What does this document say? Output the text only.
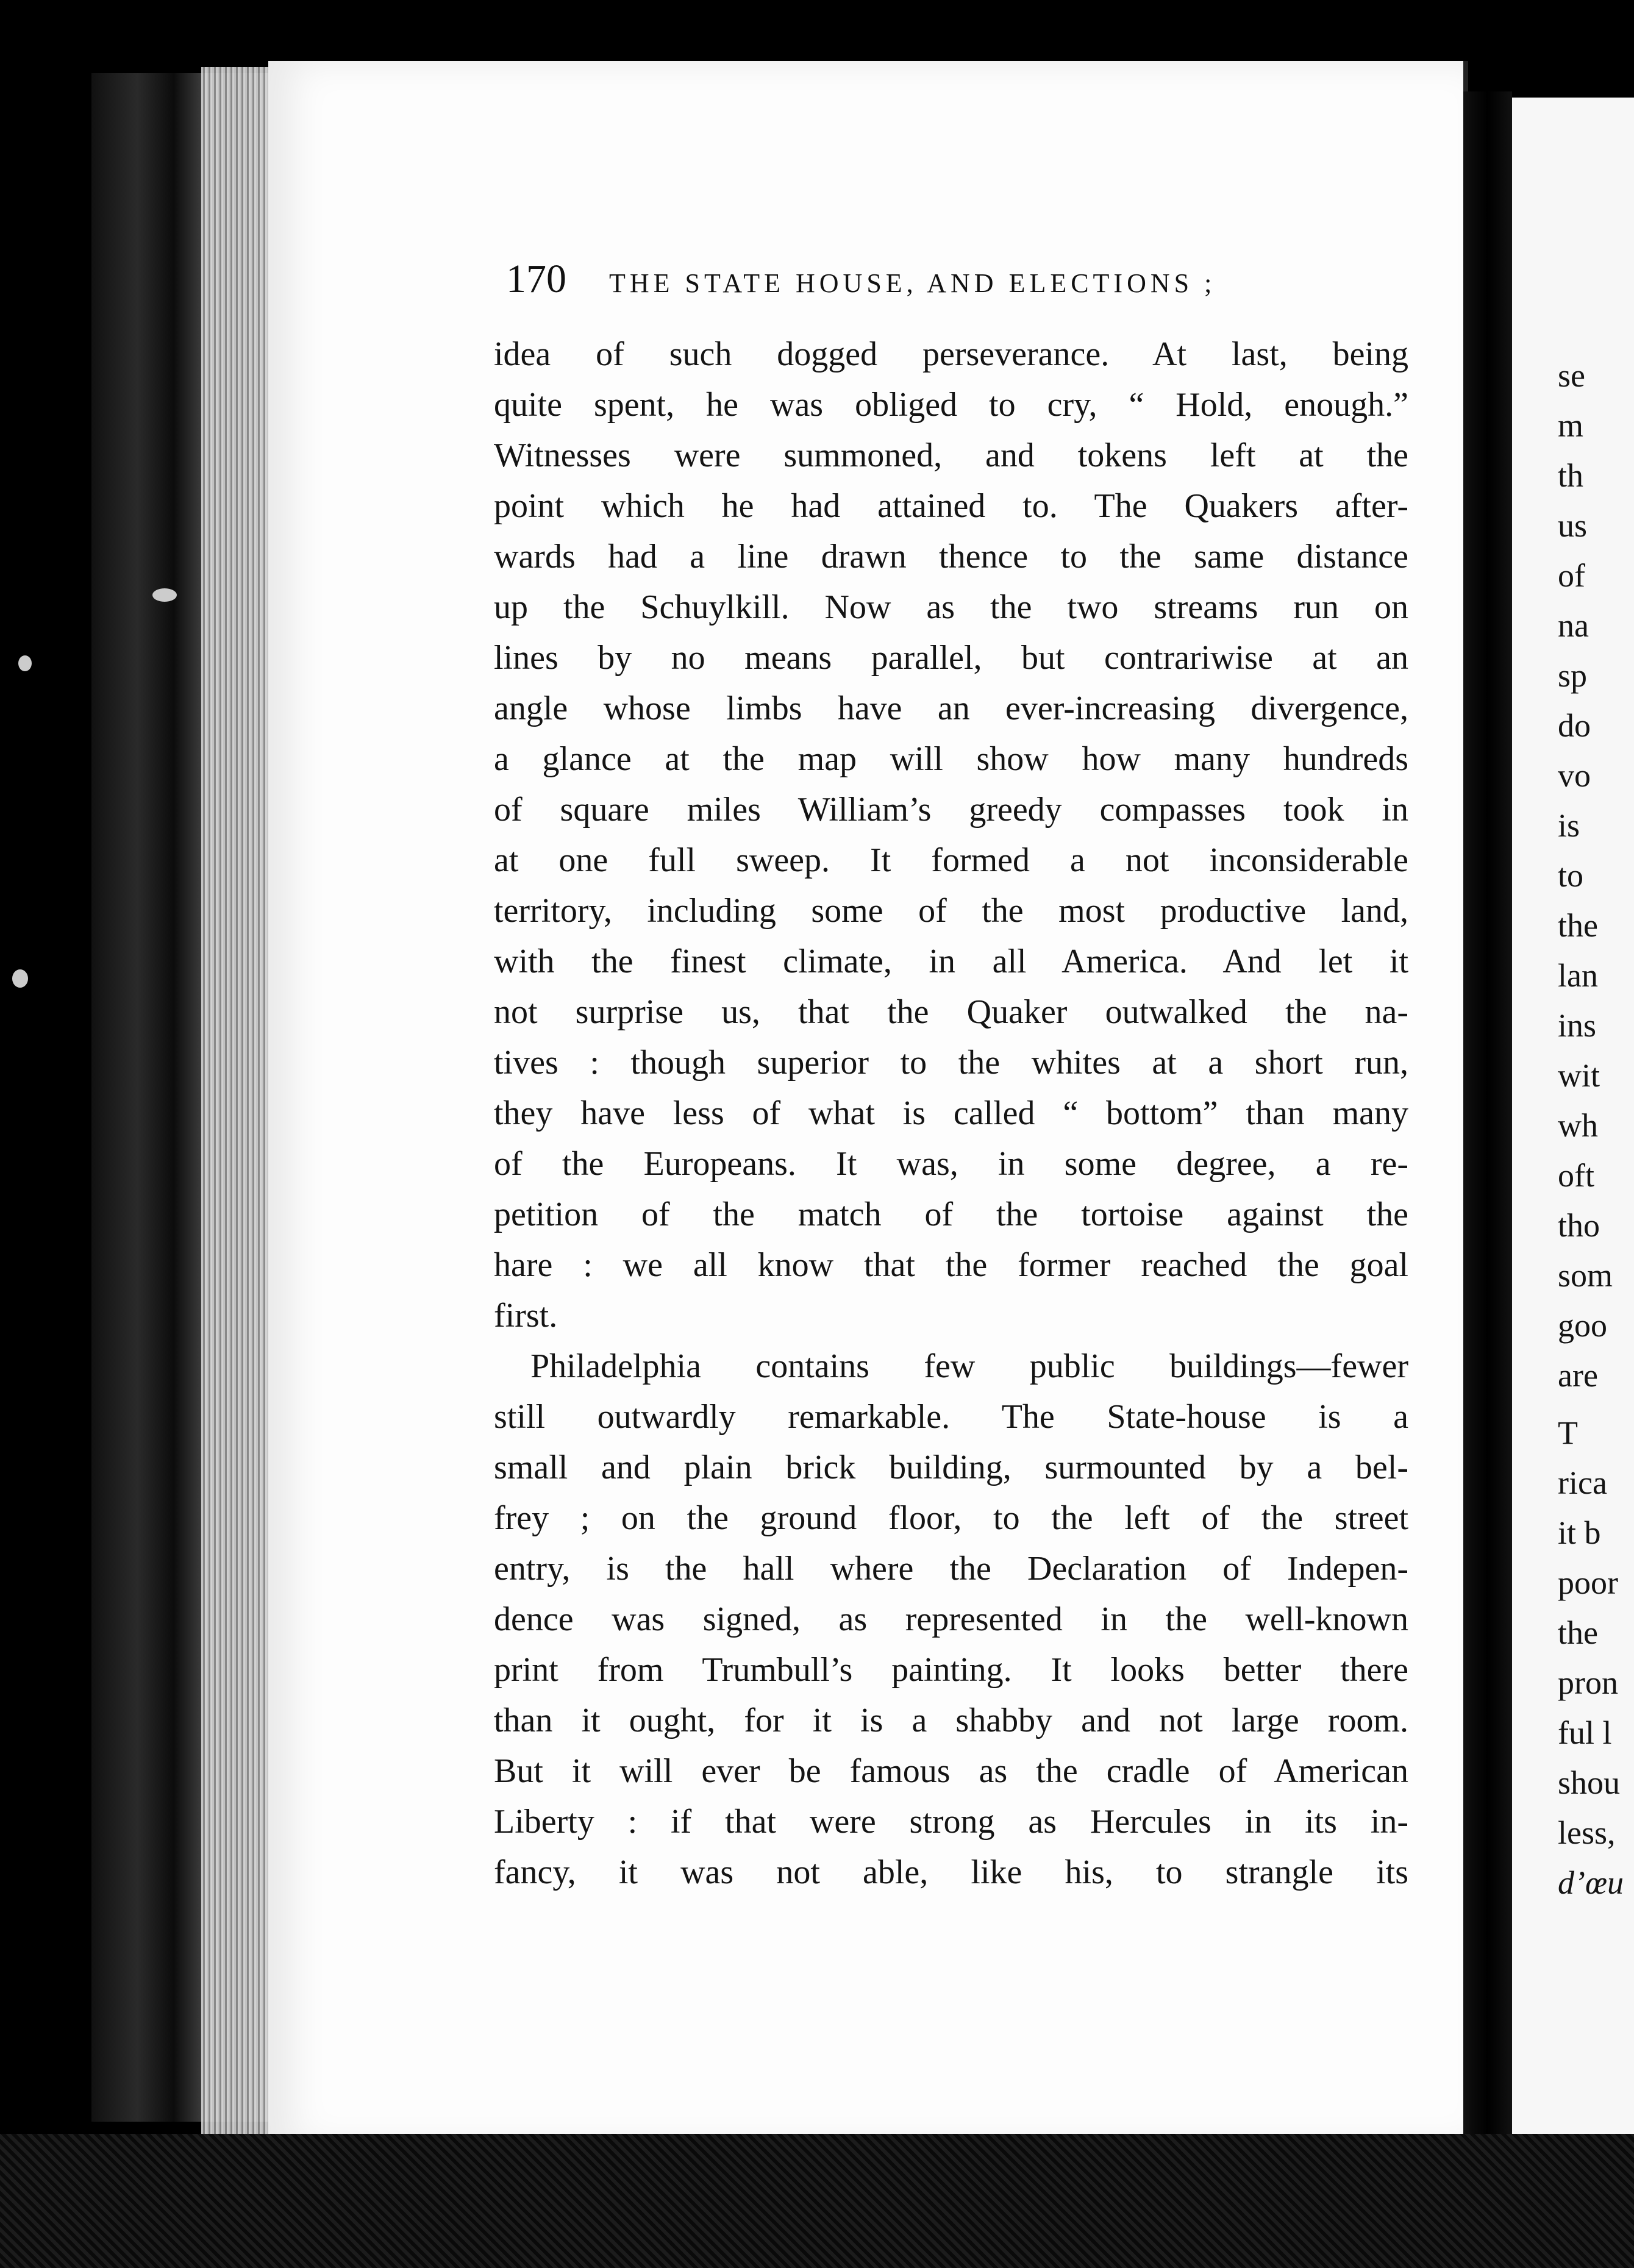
170 THE STATE HOUSE, AND ELECTIONS ;
idea of such dogged perseverance. At last, being
quite spent, he was obliged to cry, “ Hold, enough.”
Witnesses were summoned, and tokens left at the
point which he had attained to. The Quakers after-
wards had a line drawn thence to the same distance
up the Schuylkill. Now as the two streams run on
lines by no means parallel, but contrariwise at an
angle whose limbs have an ever-increasing divergence,
a glance at the map will show how many hundreds
of square miles William’s greedy compasses took in
at one full sweep. It formed a not inconsiderable
territory, including some of the most productive land,
with the finest climate, in all America. And let it
not surprise us, that the Quaker outwalked the na-
tives : though superior to the whites at a short run,
they have less of what is called “ bottom” than many
of the Europeans. It was, in some degree, a re-
petition of the match of the tortoise against the
hare : we all know that the former reached the goal
first.
Philadelphia contains few public buildings—fewer
still outwardly remarkable. The State-house is a
small and plain brick building, surmounted by a bel-
frey ; on the ground floor, to the left of the street
entry, is the hall where the Declaration of Indepen-
dence was signed, as represented in the well-known
print from Trumbull’s painting. It looks better there
than it ought, for it is a shabby and not large room.
But it will ever be famous as the cradle of American
Liberty : if that were strong as Hercules in its in-
fancy, it was not able, like his, to strangle its
se
m
th
us
of
na
sp
do
vo
is
to
the
lan
ins
wit
wh
oft
tho
som
goo
are
T
rica
it b
poor
the
pron
ful l
shou
less,
d’œu
